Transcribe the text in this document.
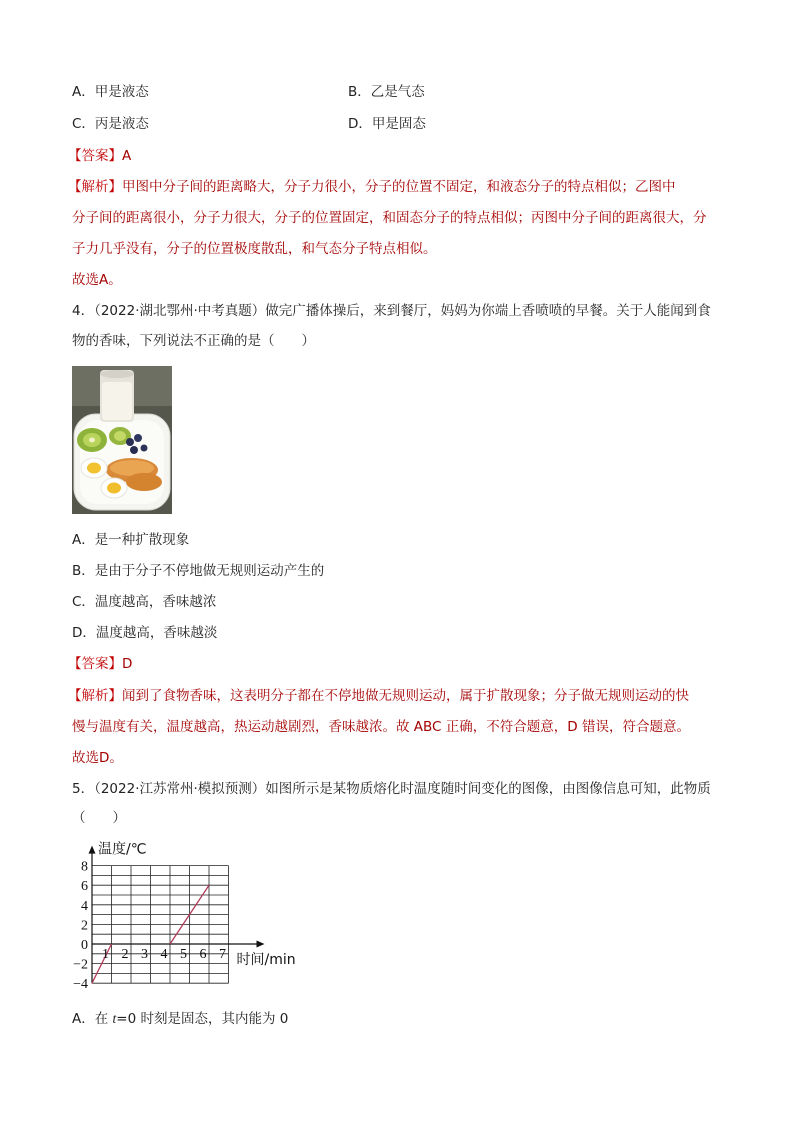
A．甲是液态	B．乙是气态
C．丙是液态	D．甲是固态
【答案】A
【解析】甲图中分子间的距离略大，分子力很小，分子的位置不固定，和液态分子的特点相似；乙图中
分子间的距离很小，分子力很大，分子的位置固定，和固态分子的特点相似；丙图中分子间的距离很大，分
子力几乎没有，分子的位置极度散乱，和气态分子特点相似。
故选A。
4．（2022·湖北鄂州·中考真题）做完广播体操后，来到餐厅，妈妈为你端上香喷喷的早餐。关于人能闻到食
物的香味，下列说法不正确的是（　　）
A．是一种扩散现象
B．是由于分子不停地做无规则运动产生的
C．温度越高，香味越浓
D．温度越高，香味越淡
【答案】D
【解析】闻到了食物香味，这表明分子都在不停地做无规则运动，属于扩散现象；分子做无规则运动的快
慢与温度有关，温度越高，热运动越剧烈，香味越浓。故 ABC 正确，不符合题意，D 错误，符合题意。
故选D。
5．（2022·江苏常州·模拟预测）如图所示是某物质熔化时温度随时间变化的图像，由图像信息可知，此物质
（　　）
8
6
4
2
0
−2
−4
1 2 3 4 5 6 7
温度/℃
时间/min
A．在 t=0 时刻是固态，其内能为 0
